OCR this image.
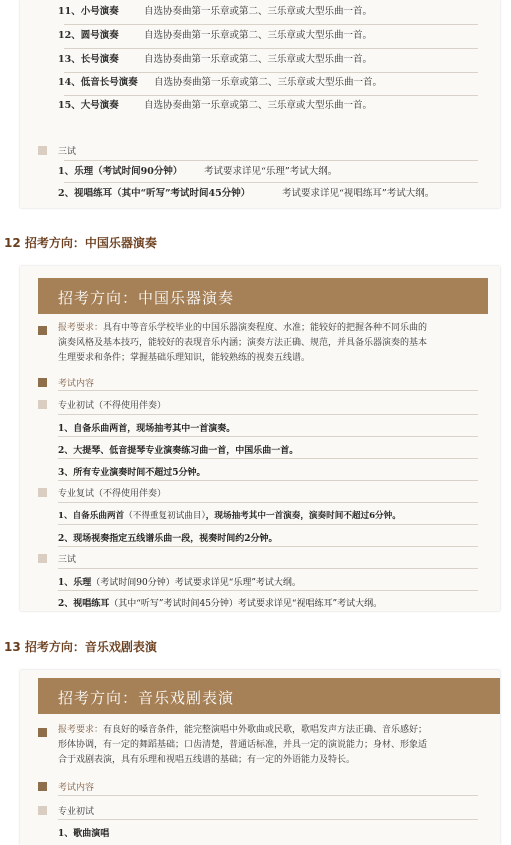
11、小号演奏	自选协奏曲第一乐章或第二、三乐章或大型乐曲一首。
12、圆号演奏	自选协奏曲第一乐章或第二、三乐章或大型乐曲一首。
13、长号演奏	自选协奏曲第一乐章或第二、三乐章或大型乐曲一首。
14、低音长号演奏 自选协奏曲第一乐章或第二、三乐章或大型乐曲一首。
15、大号演奏	自选协奏曲第一乐章或第二、三乐章或大型乐曲一首。
三试
1、乐理（考试时间90分钟） 考试要求详见“乐理”考试大纲。
2、视唱练耳（其中“听写”考试时间45分钟）	考试要求详见“视唱练耳”考试大纲。
12 招考方向：中国乐器演奏
招考方向：中国乐器演奏
报考要求：具有中等音乐学校毕业的中国乐器演奏程度、水准；能较好的把握各种不同乐曲的
演奏风格及基本技巧，能较好的表现音乐内涵；演奏方法正确、规范，并具备乐器演奏的基本
生理要求和条件；掌握基础乐理知识，能较熟练的视奏五线谱。
考试内容
专业初试（不得使用伴奏）
1、自备乐曲两首，现场抽考其中一首演奏。
2、大提琴、低音提琴专业演奏练习曲一首，中国乐曲一首。
3、所有专业演奏时间不超过5分钟。
专业复试（不得使用伴奏）
1、自备乐曲两首（不得重复初试曲目），现场抽考其中一首演奏，演奏时间不超过6分钟。
2、现场视奏指定五线谱乐曲一段，视奏时间约2分钟。
三试
1、乐理（考试时间90分钟）考试要求详见“乐理”考试大纲。
2、视唱练耳（其中“听写”考试时间45分钟）考试要求详见“视唱练耳”考试大纲。
13 招考方向：音乐戏剧表演
招考方向：音乐戏剧表演
报考要求：有良好的嗓音条件，能完整演唱中外歌曲或民歌，歌唱发声方法正确、音乐感好；
形体协调，有一定的舞蹈基础；口齿清楚，普通话标准，并具一定的演说能力；身材、形象适
合于戏剧表演，具有乐理和视唱五线谱的基础；有一定的外语能力及特长。
考试内容
专业初试
1、歌曲演唱
